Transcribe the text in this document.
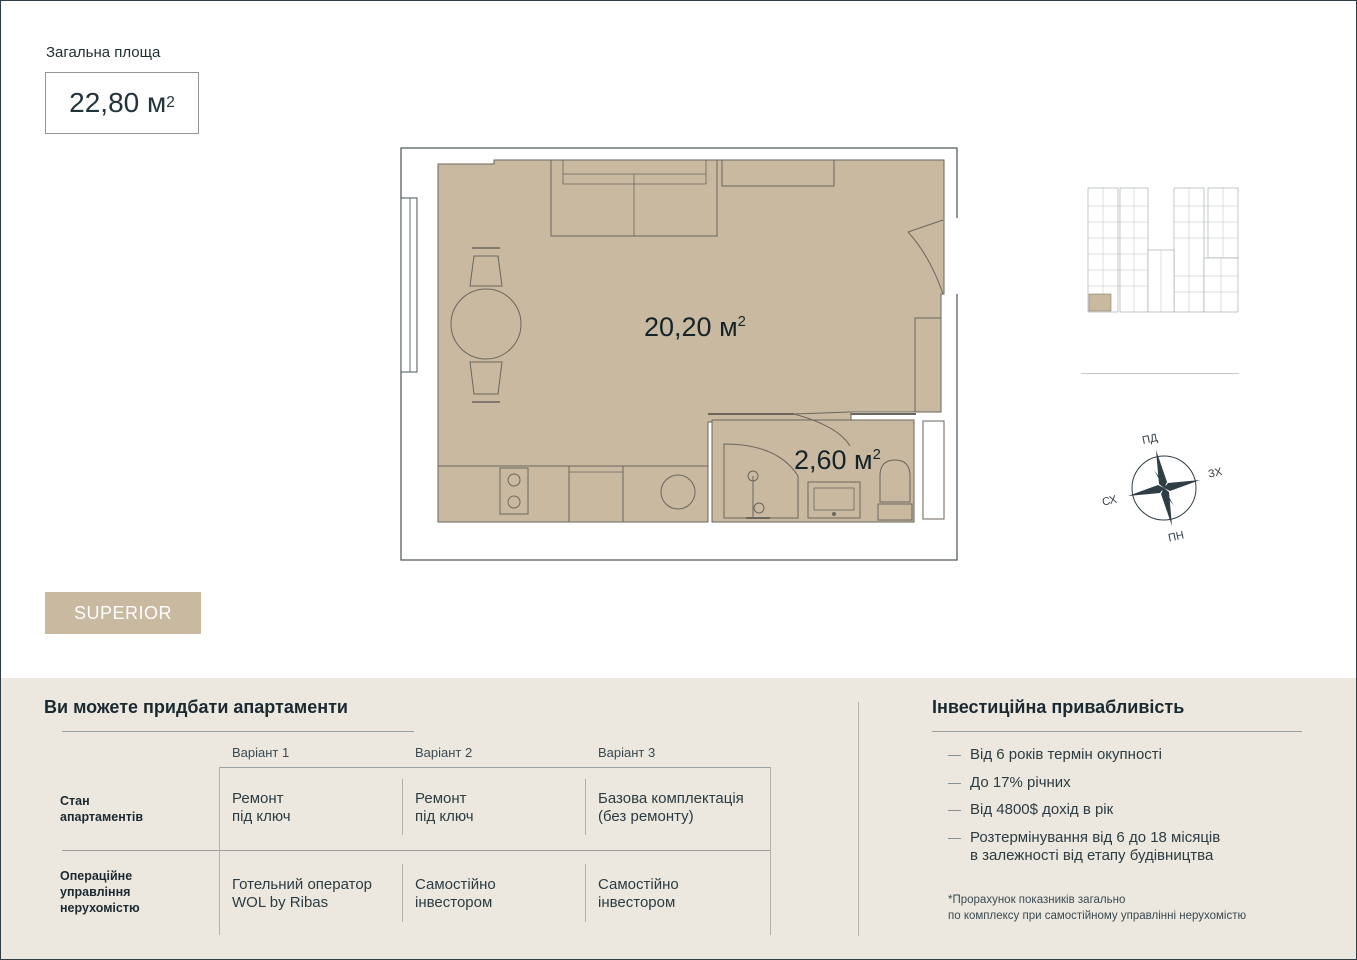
Загальна площа
22,80 м 2
20,20 $м^2$
2,60 $м^2$
ПД
ЗХ
СХ
ПН
SUPERIOR
Ви можете придбати апартаменти
Варіант 1	Варіант 2	Варіант 3
Стан
апартаментів
Операційне
управління
нерухомістю
Ремонт
під ключ
Ремонт
під ключ
Базова комплектація
(без ремонту)
Готельний оператор
WOL by Ribas
Самостійно
інвестором
Самостійно
інвестором
Інвестиційна привабливість
— Від 6 років термін окупності
— До 17% річних
— Від 4800$ дохід в рік
— Розтермінування від 6 до 18 місяців
в залежності від етапу будівництва
*Прорахунок показників загально
по комплексу при самостійному управлінні нерухомістю
